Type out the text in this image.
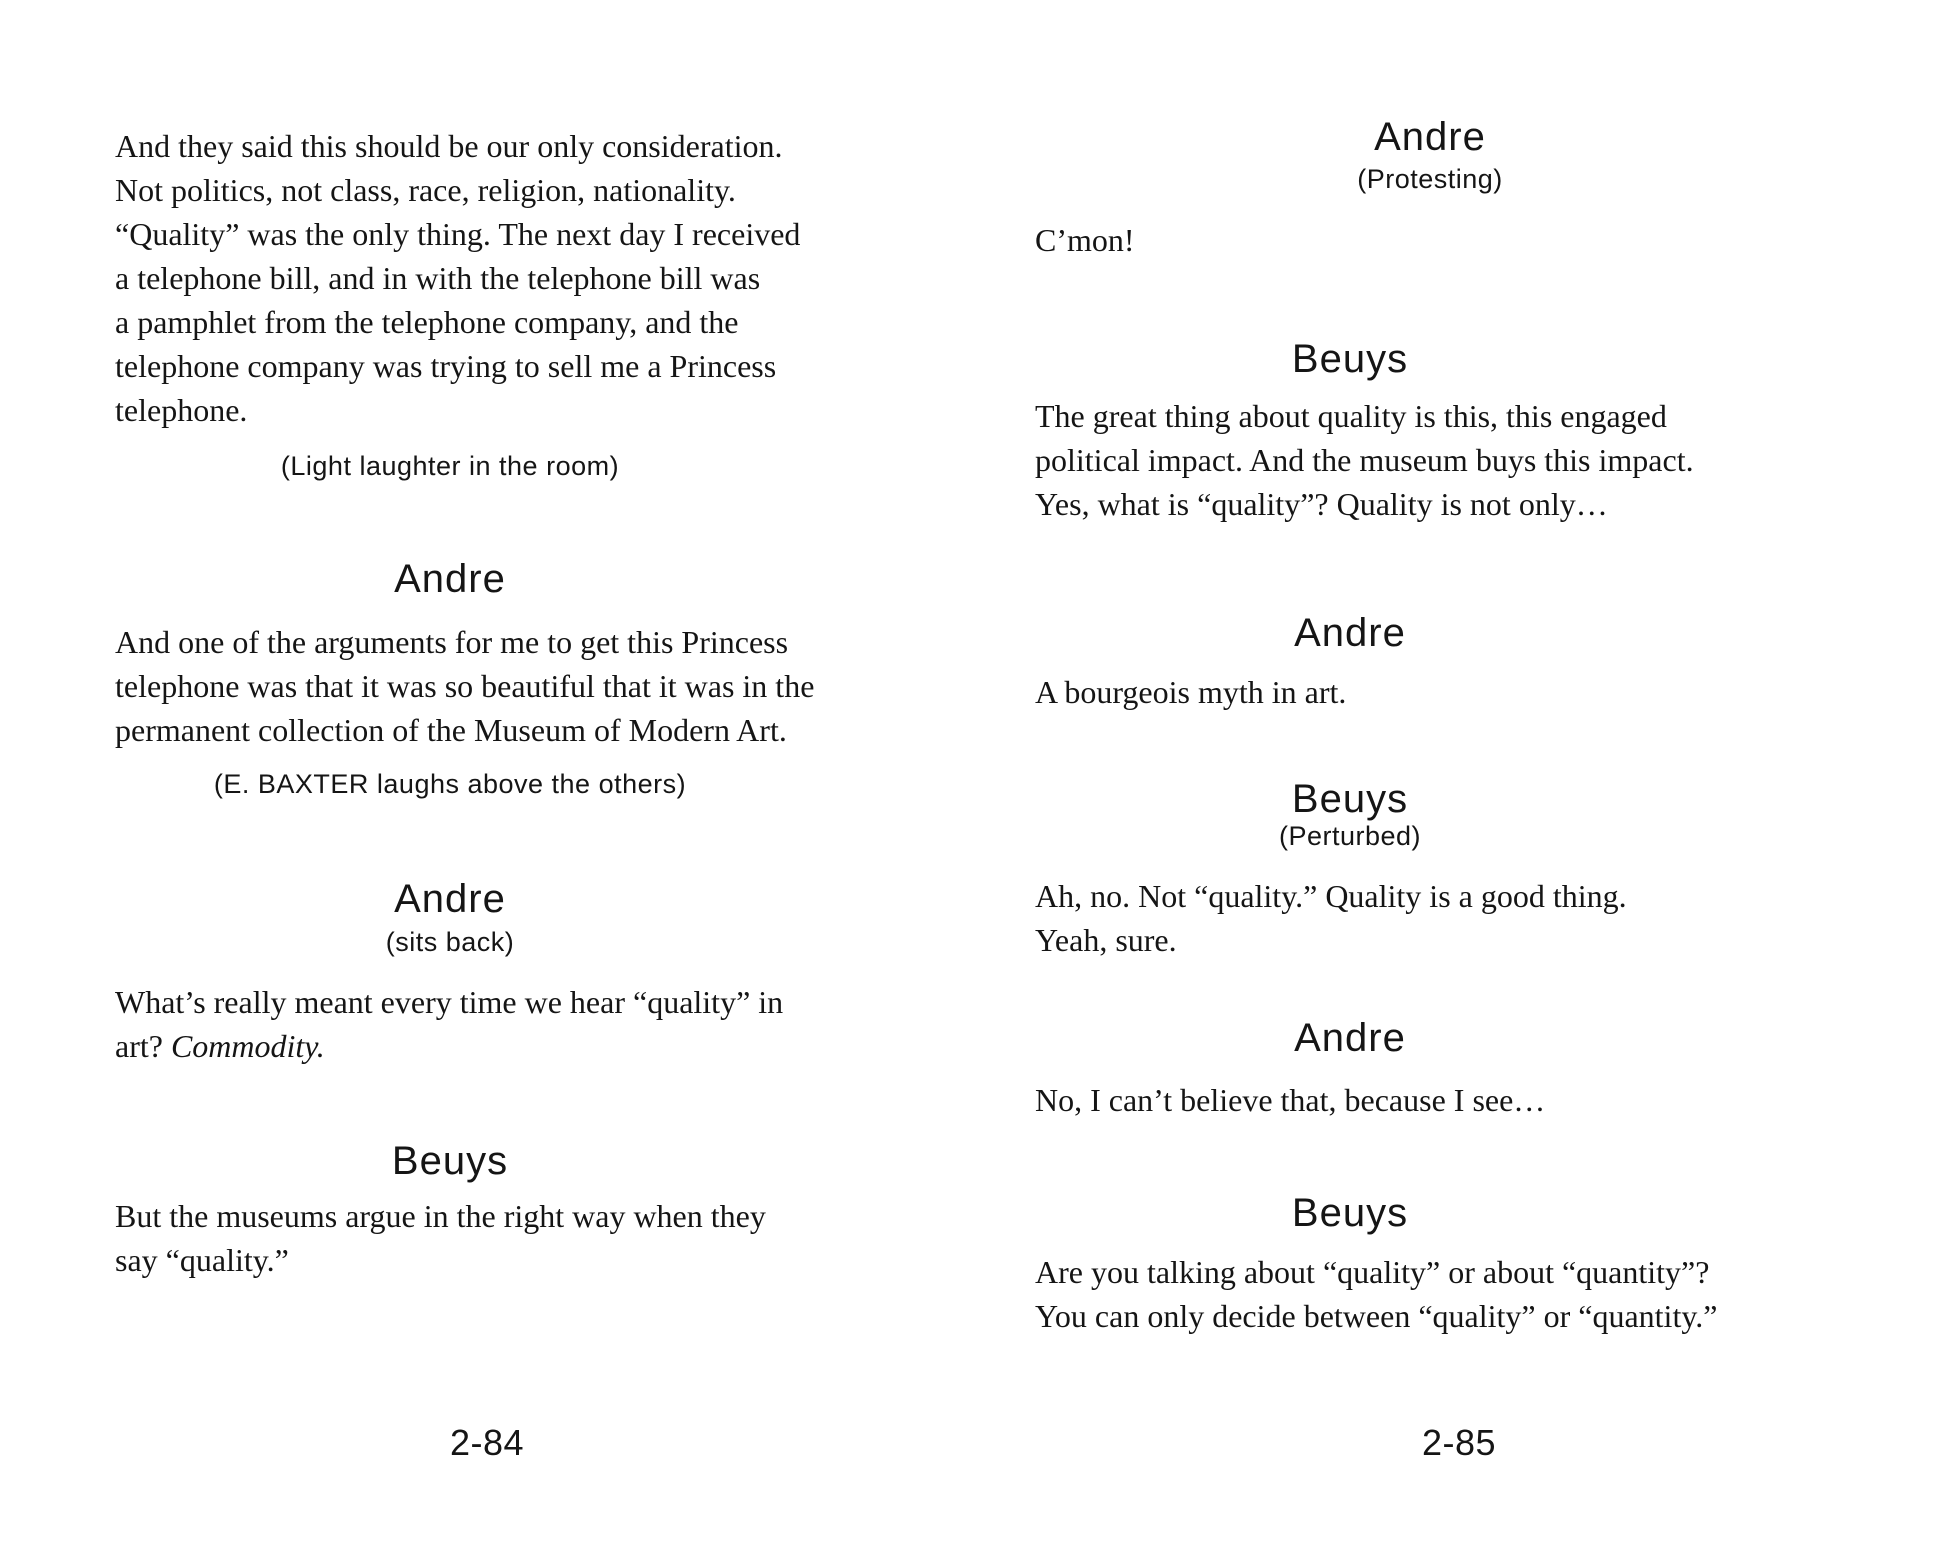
And they said this should be our only consideration.
Not politics, not class, race, religion, nationality.
“Quality” was the only thing. The next day I received
a telephone bill, and in with the telephone bill was
a pamphlet from the telephone company, and the
telephone company was trying to sell me a Princess
telephone.
(Light laughter in the room)
Andre
And one of the arguments for me to get this Princess
telephone was that it was so beautiful that it was in the
permanent collection of the Museum of Modern Art.
(E. BAXTER laughs above the others)
Andre
(sits back)
What’s really meant every time we hear “quality” in
art? Commodity.
Beuys
But the museums argue in the right way when they
say “quality.”
2-84
Andre
(Protesting)
C’mon!
Beuys
The great thing about quality is this, this engaged
political impact. And the museum buys this impact.
Yes, what is “quality”? Quality is not only…
Andre
A bourgeois myth in art.
Beuys
(Perturbed)
Ah, no. Not “quality.” Quality is a good thing.
Yeah, sure.
Andre
No, I can’t believe that, because I see…
Beuys
Are you talking about “quality” or about “quantity”?
You can only decide between “quality” or “quantity.”
2-85
